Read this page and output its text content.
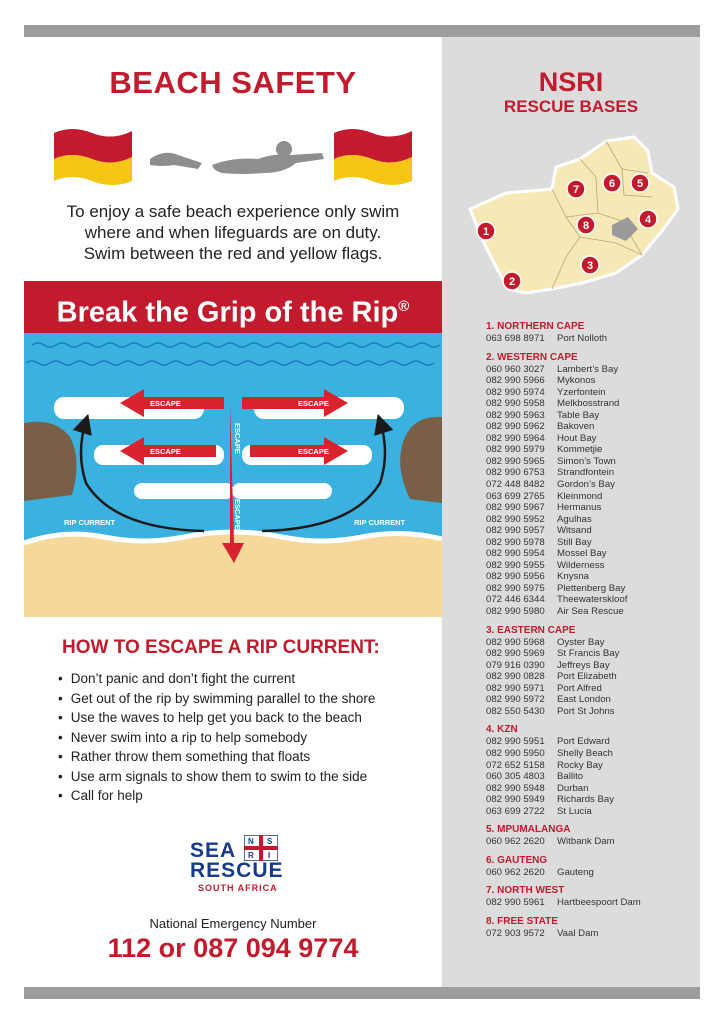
BEACH SAFETY
To enjoy a safe beach experience only swim
where and when lifeguards are on duty.
Swim between the red and yellow flags.
Break the Grip of the Rip®
ESCAPE	ESCAPE
ESCAPE	ESCAPE
ESCAPE
ESCAPE
RIP CURRENT	RIP CURRENT
HOW TO ESCAPE A RIP CURRENT:
• Don’t panic and don’t fight the current
• Get out of the rip by swimming parallel to the shore
• Use the waves to help get you back to the beach
• Never swim into a rip to help somebody
• Rather throw them something that floats
• Use arm signals to show them to swim to the side
• Call for help
SEA N S
R I
RESCUE
SOUTH AFRICA
National Emergency Number
112 or 087 094 9774
NSRI
RESCUE BASES
1
2
3
4
5
6
7
8
1. NORTHERN CAPE
063 698 8971 Port Nolloth
2. WESTERN CAPE
060 960 3027 Lambert’s Bay
082 990 5966 Mykonos
082 990 5974 Yzerfontein
082 990 5958 Melkbosstrand
082 990 5963 Table Bay
082 990 5962 Bakoven
082 990 5964 Hout Bay
082 990 5979 Kommetjie
082 990 5965 Simon’s Town
082 990 6753 Strandfontein
072 448 8482 Gordon’s Bay
063 699 2765 Kleinmond
082 990 5967 Hermanus
082 990 5952 Agulhas
082 990 5957 Witsand
082 990 5978 Still Bay
082 990 5954 Mossel Bay
082 990 5955 Wilderness
082 990 5956 Knysna
082 990 5975 Plettenberg Bay
072 446 6344 Theewaterskloof
082 990 5980 Air Sea Rescue
3. EASTERN CAPE
082 990 5968 Oyster Bay
082 990 5969 St Francis Bay
079 916 0390 Jeffreys Bay
082 990 0828 Port Elizabeth
082 990 5971 Port Alfred
082 990 5972 East London
082 550 5430 Port St Johns
4. KZN
082 990 5951 Port Edward
082 990 5950 Shelly Beach
072 652 5158 Rocky Bay
060 305 4803 Ballito
082 990 5948 Durban
082 990 5949 Richards Bay
063 699 2722 St Lucia
5. MPUMALANGA
060 962 2620 Witbank Dam
6. GAUTENG
060 962 2620 Gauteng
7. NORTH WEST
082 990 5961 Hartbeespoort Dam
8. FREE STATE
072 903 9572 Vaal Dam
